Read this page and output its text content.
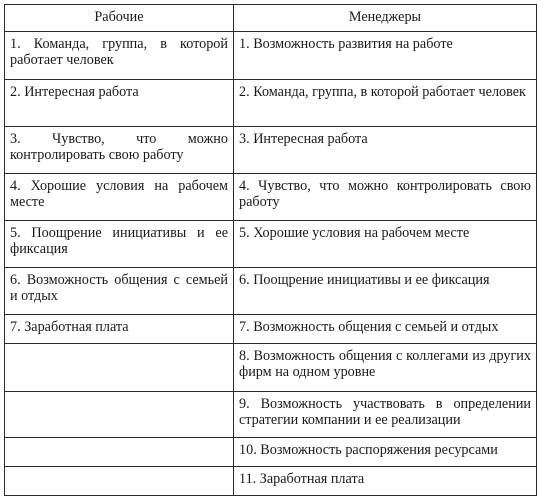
Рабочие	Менеджеры
1. Команда, группа, в которой работает человек	1. Возможность развития на работе
2. Интересная работа	2. Команда, группа, в которой работает человек
3. Чувство, что можно контролировать свою работу	3. Интересная работа
4. Хорошие условия на рабочем месте	4. Чувство, что можно контролировать свою работу
5. Поощрение инициативы и ее фиксация	5. Хорошие условия на рабочем месте
6. Возможность общения с семьей и отдых	6. Поощрение инициативы и ее фиксация
7. Заработная плата	7. Возможность общения с семьей и отдых
	8. Возможность общения с коллегами из других фирм на одном уровне
	9. Возможность участвовать в определении стратегии компании и ее реализации
	10. Возможность распоряжения ресурсами
	11. Заработная плата
